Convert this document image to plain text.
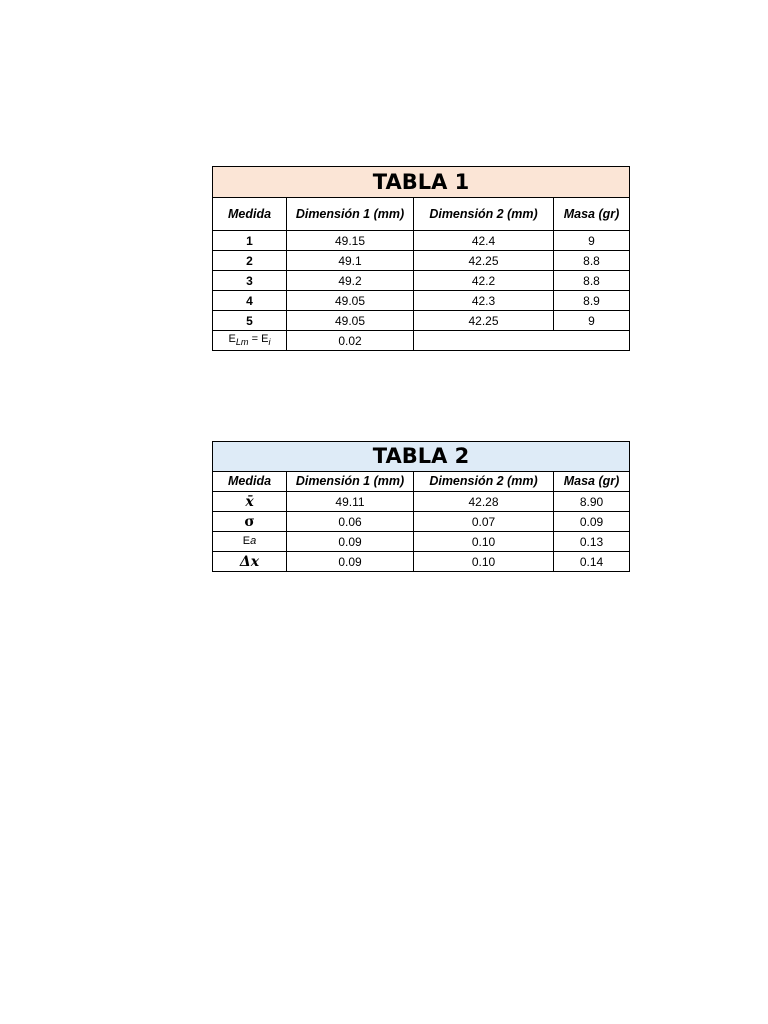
TABLA 1			
Medida	Dimensión 1 (mm)	Dimensión 2 (mm)	Masa (gr)
1	49.15	42.4	9
2	49.1	42.25	8.8
3	49.2	42.2	8.8
4	49.05	42.3	8.9
5	49.05	42.25	9
$E_{Lm} = E_i$	0.02		
TABLA 2			
Medida	Dimensión 1 (mm)	Dimensión 2 (mm)	Masa (gr)
x̄	49.11	42.28	8.90
σ	0.06	0.07	0.09
Ea	0.09	0.10	0.13
Δx	0.09	0.10	0.14
